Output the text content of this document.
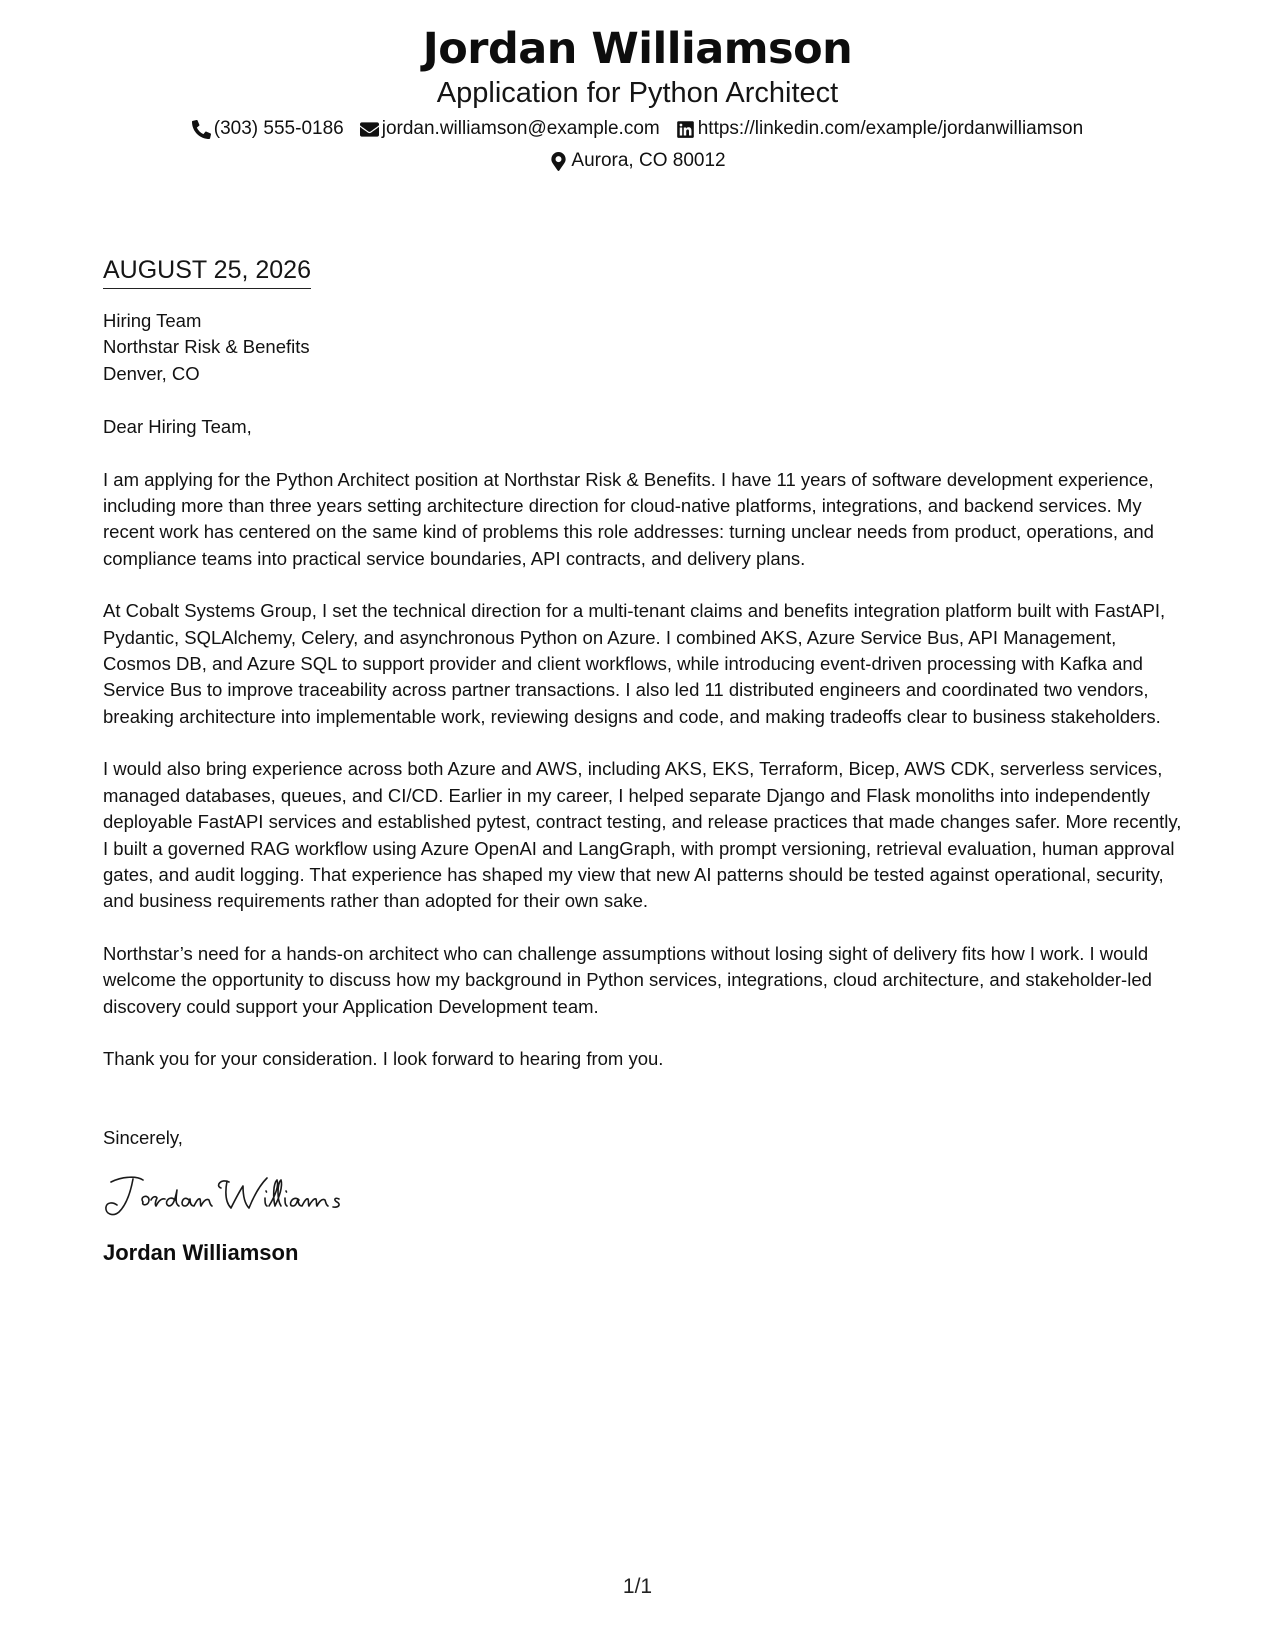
Jordan Williamson
Application for Python Architect
(303) 555-0186 jordan.williamson@example.com https://linkedin.com/example/jordanwilliamson
Aurora, CO 80012
AUGUST 25, 2026
Hiring Team
Northstar Risk & Benefits
Denver, CO
Dear Hiring Team,
I am applying for the Python Architect position at Northstar Risk & Benefits. I have 11 years of software development experience, including more than three years setting architecture direction for cloud-native platforms, integrations, and backend services. My recent work has centered on the same kind of problems this role addresses: turning unclear needs from product, operations, and compliance teams into practical service boundaries, API contracts, and delivery plans.
At Cobalt Systems Group, I set the technical direction for a multi-tenant claims and benefits integration platform built with FastAPI, Pydantic, SQLAlchemy, Celery, and asynchronous Python on Azure. I combined AKS, Azure Service Bus, API Management, Cosmos DB, and Azure SQL to support provider and client workflows, while introducing event-driven processing with Kafka and Service Bus to improve traceability across partner transactions. I also led 11 distributed engineers and coordinated two vendors, breaking architecture into implementable work, reviewing designs and code, and making tradeoffs clear to business stakeholders.
I would also bring experience across both Azure and AWS, including AKS, EKS, Terraform, Bicep, AWS CDK, serverless services, managed databases, queues, and CI/CD. Earlier in my career, I helped separate Django and Flask monoliths into independently deployable FastAPI services and established pytest, contract testing, and release practices that made changes safer. More recently, I built a governed RAG workflow using Azure OpenAI and LangGraph, with prompt versioning, retrieval evaluation, human approval gates, and audit logging. That experience has shaped my view that new AI patterns should be tested against operational, security, and business requirements rather than adopted for their own sake.
Northstar’s need for a hands-on architect who can challenge assumptions without losing sight of delivery fits how I work. I would welcome the opportunity to discuss how my background in Python services, integrations, cloud architecture, and stakeholder-led discovery could support your Application Development team.
Thank you for your consideration. I look forward to hearing from you.
Sincerely,
Jordan Williams
Jordan Williamson
1/1
